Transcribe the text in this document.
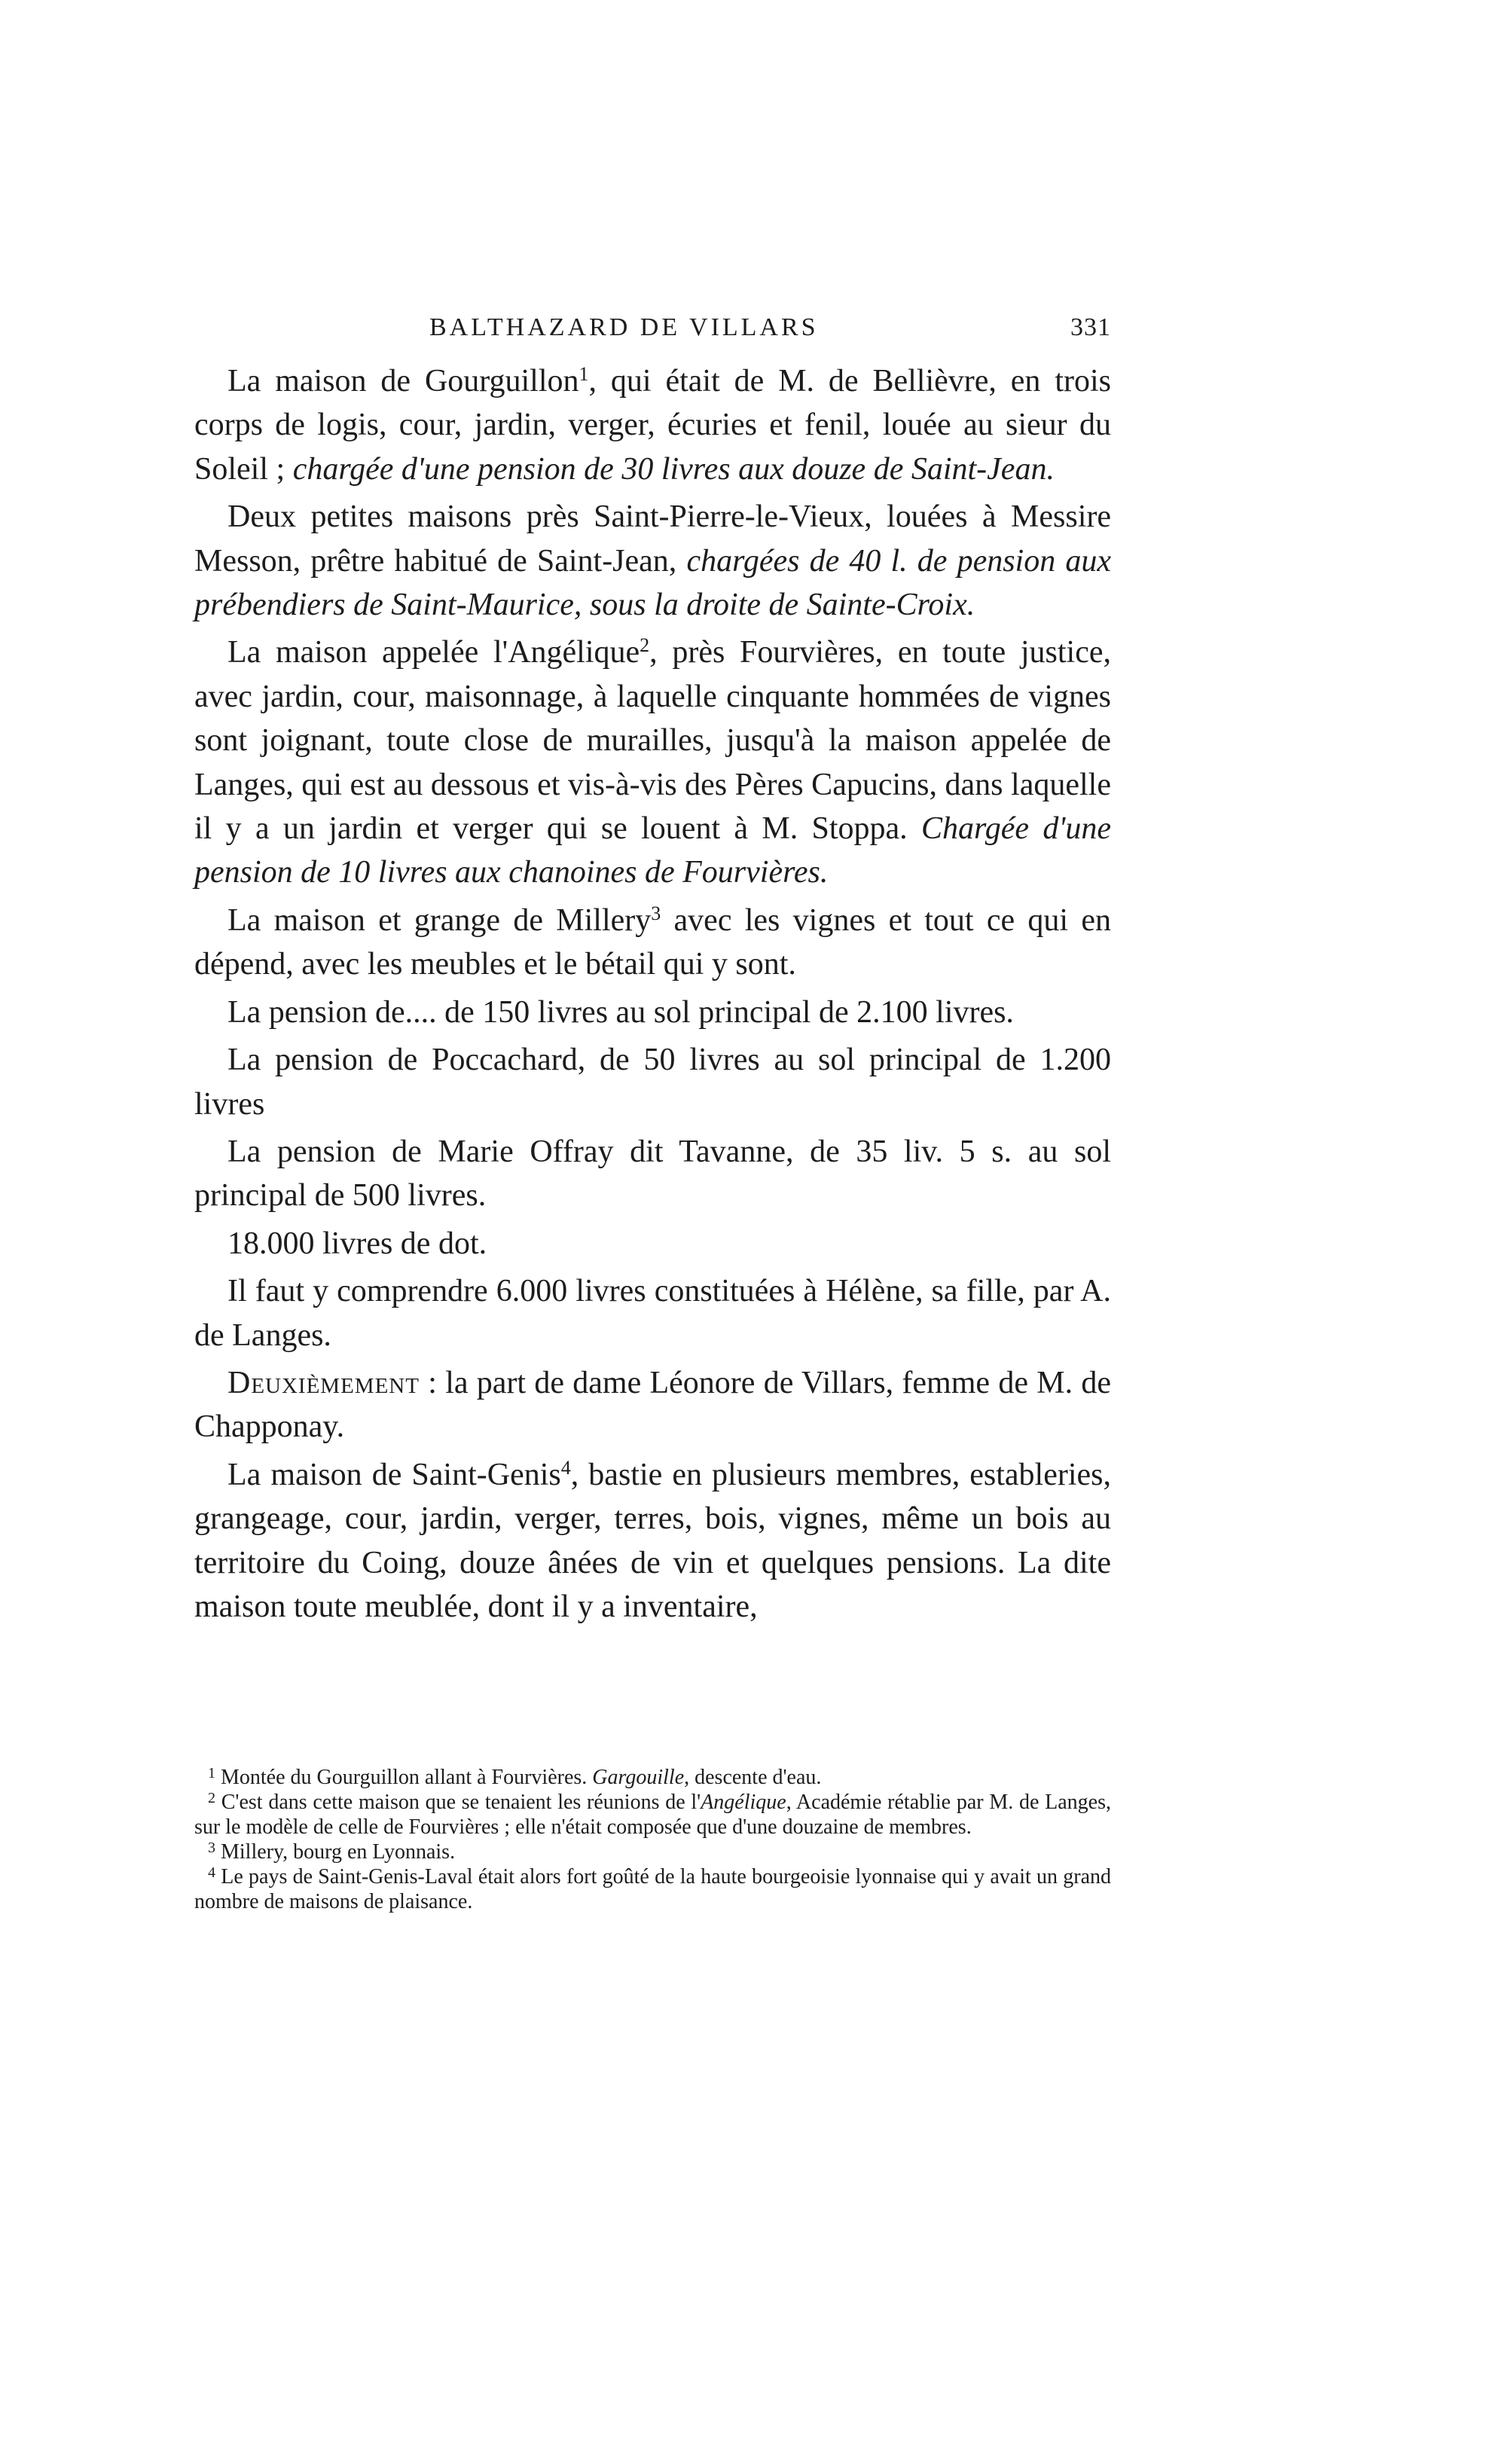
BALTHAZARD DE VILLARS	331

La maison de Gourguillon$^1$, qui était de M. de Bellièvre, en trois corps de logis, cour, jardin, verger, écuries et fenil, louée au sieur du Soleil ; chargée d'une pension de 30 livres aux douze de Saint-Jean.

Deux petites maisons près Saint-Pierre-le-Vieux, louées à Messire Messon, prêtre habitué de Saint-Jean, chargées de 40 l. de pension aux prébendiers de Saint-Maurice, sous la droite de Sainte-Croix.

La maison appelée l'Angélique$^2$, près Fourvières, en toute justice, avec jardin, cour, maisonnage, à laquelle cinquante hommées de vignes sont joignant, toute close de murailles, jusqu'à la maison appelée de Langes, qui est au dessous et vis-à-vis des Pères Capucins, dans laquelle il y a un jardin et verger qui se louent à M. Stoppa. Chargée d'une pension de 10 livres aux chanoines de Fourvières.

La maison et grange de Millery$^3$ avec les vignes et tout ce qui en dépend, avec les meubles et le bétail qui y sont.

La pension de.... de 150 livres au sol principal de 2.100 livres.

La pension de Poccachard, de 50 livres au sol principal de 1.200 livres

La pension de Marie Offray dit Tavanne, de 35 liv. 5 s. au sol principal de 500 livres.

18.000 livres de dot.

Il faut y comprendre 6.000 livres constituées à Hélène, sa fille, par A. de Langes.

Deuxièmement : la part de dame Léonore de Villars, femme de M. de Chapponay.

La maison de Saint-Genis$^4$, bastie en plusieurs membres, estableries, grangeage, cour, jardin, verger, terres, bois, vignes, même un bois au territoire du Coing, douze ânées de vin et quelques pensions. La dite maison toute meublée, dont il y a inventaire,

$^1$ Montée du Gourguillon allant à Fourvières. Gargouille, descente d'eau.

$^2$ C'est dans cette maison que se tenaient les réunions de l'Angélique, Académie rétablie par M. de Langes, sur le modèle de celle de Fourvières ; elle n'était composée que d'une douzaine de membres.

$^3$ Millery, bourg en Lyonnais.

$^4$ Le pays de Saint-Genis-Laval était alors fort goûté de la haute bourgeoisie lyonnaise qui y avait un grand nombre de maisons de plaisance.
